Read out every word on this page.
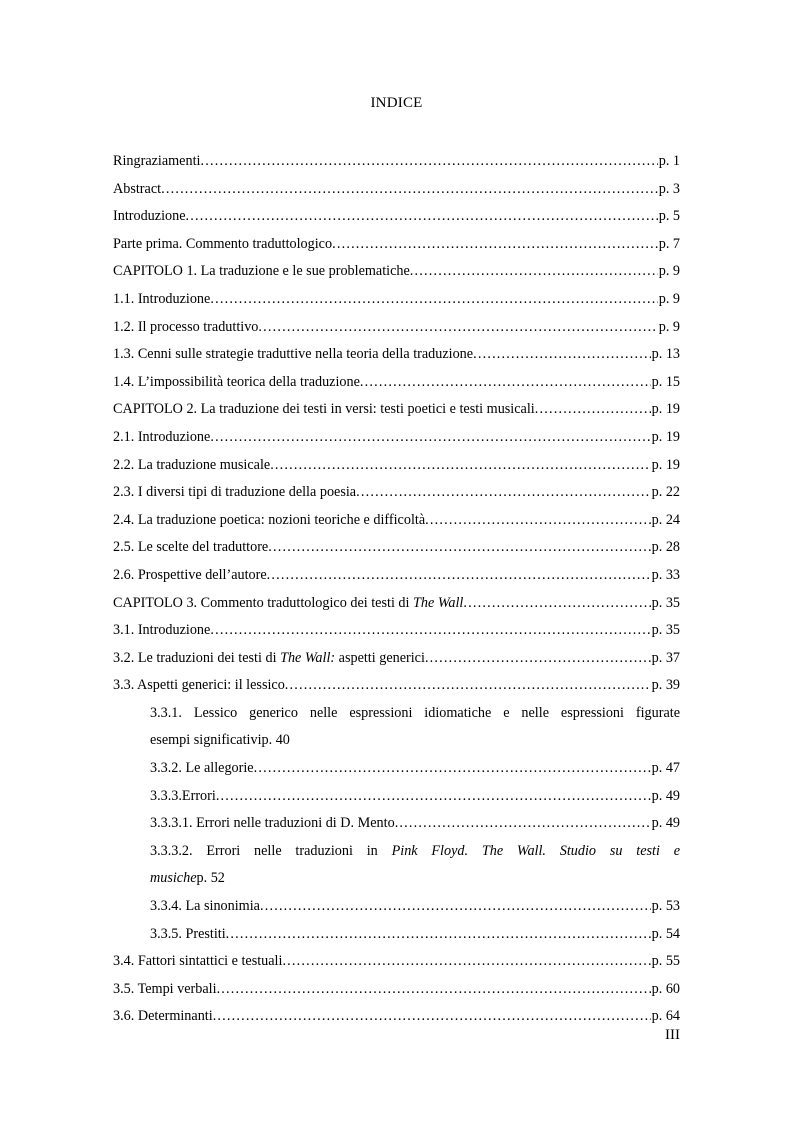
INDICE
Ringraziamenti .....	p. 1
Abstract .....	p. 3
Introduzione .....	p. 5
Parte prima. Commento traduttologico .....	p. 7
CAPITOLO 1. La traduzione e le sue problematiche .....	p. 9
1.1. Introduzione .....	p. 9
1.2. Il processo traduttivo .....	p. 9
1.3. Cenni sulle strategie traduttive nella teoria della traduzione .....	p. 13
1.4. L’impossibilità teorica della traduzione .....	p. 15
CAPITOLO 2. La traduzione dei testi in versi: testi poetici e testi musicali .....	p. 19
2.1. Introduzione .....	p. 19
2.2. La traduzione musicale .....	p. 19
2.3. I diversi tipi di traduzione della poesia .....	p. 22
2.4. La traduzione poetica: nozioni teoriche e difficoltà .....	p. 24
2.5. Le scelte del traduttore .....	p. 28
2.6. Prospettive dell’autore .....	p. 33
CAPITOLO 3. Commento traduttologico dei testi di The Wall .....	p. 35
3.1. Introduzione .....	p. 35
3.2. Le traduzioni dei testi di The Wall: aspetti generici .....	p. 37
3.3. Aspetti generici: il lessico .....	p. 39
3.3.1. Lessico generico nelle espressioni idiomatiche e nelle espressioni figurate
esempi significativi p. 40
3.3.2. Le allegorie .....	p. 47
3.3.3.Errori .....	p. 49
3.3.3.1. Errori nelle traduzioni di D. Mento .....	p. 49
3.3.3.2. Errori nelle traduzioni in Pink Floyd. The Wall. Studio su testi e
musiche p. 52
3.3.4. La sinonimia .....	p. 53
3.3.5. Prestiti .....	p. 54
3.4. Fattori sintattici e testuali .....	p. 55
3.5. Tempi verbali .....	p. 60
3.6. Determinanti .....	p. 64
III
